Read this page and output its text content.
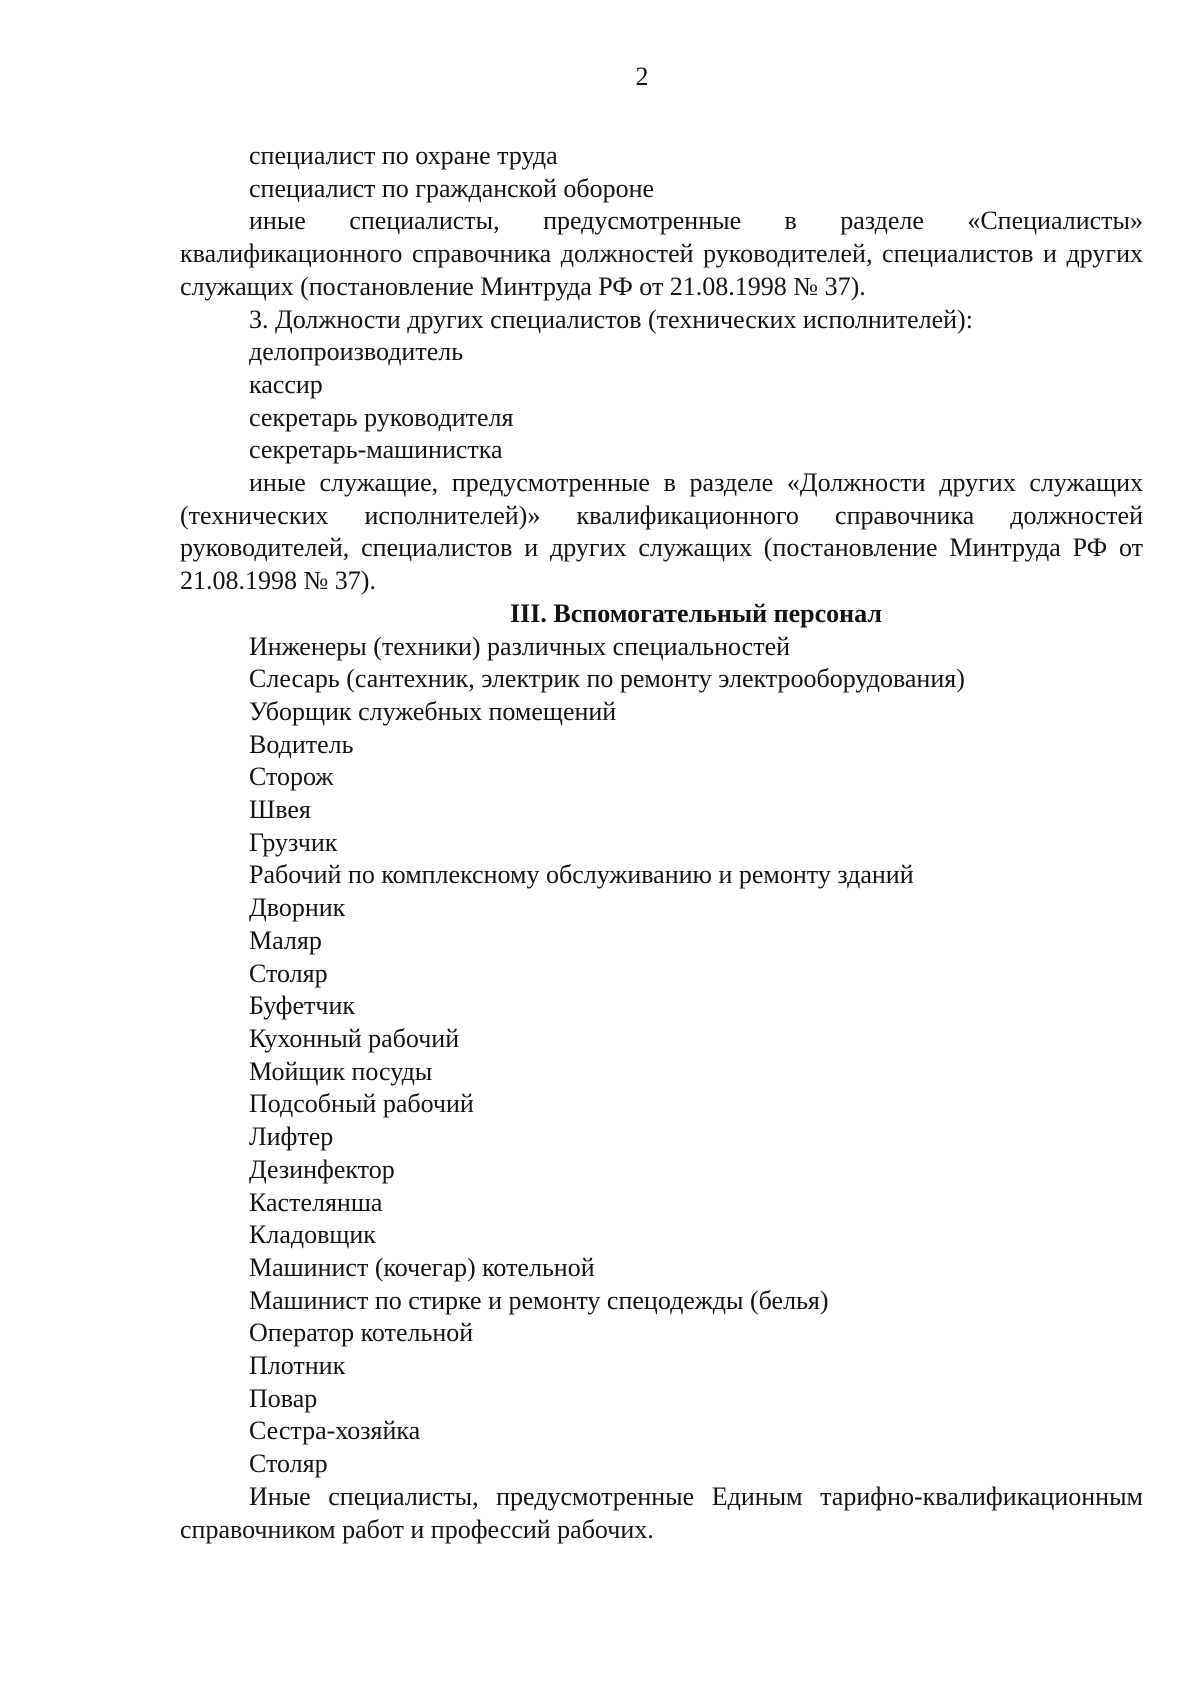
2

специалист по охране труда

специалист по гражданской обороне

иные специалисты, предусмотренные в разделе «Специалисты» квалификационного справочника должностей руководителей, специалистов и других служащих (постановление Минтруда РФ от 21.08.1998 № 37).

3. Должности других специалистов (технических исполнителей):

делопроизводитель

кассир

секретарь руководителя

секретарь-машинистка

иные служащие, предусмотренные в разделе «Должности других служащих (технических исполнителей)» квалификационного справочника должностей руководителей, специалистов и других служащих (постановление Минтруда РФ от 21.08.1998 № 37).

III. Вспомогательный персонал

Инженеры (техники) различных специальностей

Слесарь (сантехник, электрик по ремонту электрооборудования)

Уборщик служебных помещений

Водитель

Сторож

Швея

Грузчик

Рабочий по комплексному обслуживанию и ремонту зданий

Дворник

Маляр

Столяр

Буфетчик

Кухонный рабочий

Мойщик посуды

Подсобный рабочий

Лифтер

Дезинфектор

Кастелянша

Кладовщик

Машинист (кочегар) котельной

Машинист по стирке и ремонту спецодежды (белья)

Оператор котельной

Плотник

Повар

Сестра-хозяйка

Столяр

Иные специалисты, предусмотренные Единым тарифно-квалификационным справочником работ и профессий рабочих.
